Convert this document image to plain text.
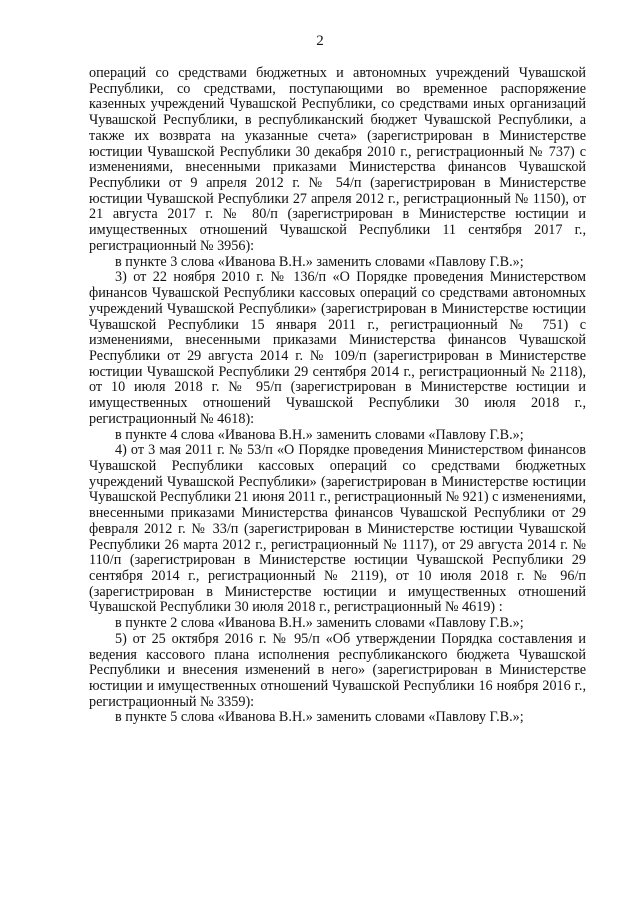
2

операций со средствами бюджетных и автономных учреждений Чувашской Республики, со средствами, поступающими во временное распоряжение казенных учреждений Чувашской Республики, со средствами иных организаций Чувашской Республики, в республиканский бюджет Чувашской Республики, а также их возврата на указанные счета» (зарегистрирован в Министерстве юстиции Чувашской Республики 30 декабря 2010 г., регистрационный № 737) с изменениями, внесенными приказами Министерства финансов Чувашской Республики от 9 апреля 2012 г. № 54/п (зарегистрирован в Министерстве юстиции Чувашской Республики 27 апреля 2012 г., регистрационный № 1150), от 21 августа 2017 г. № 80/п (зарегистрирован в Министерстве юстиции и имущественных отношений Чувашской Республики 11 сентября 2017 г., регистрационный № 3956):

в пункте 3 слова «Иванова В.Н.» заменить словами «Павлову Г.В.»;

3) от 22 ноября 2010 г. № 136/п «О Порядке проведения Министерством финансов Чувашской Республики кассовых операций со средствами автономных учреждений Чувашской Республики» (зарегистрирован в Министерстве юстиции Чувашской Республики 15 января 2011 г., регистрационный № 751) с изменениями, внесенными приказами Министерства финансов Чувашской Республики от 29 августа 2014 г. № 109/п (зарегистрирован в Министерстве юстиции Чувашской Республики 29 сентября 2014 г., регистрационный № 2118), от 10 июля 2018 г. № 95/п (зарегистрирован в Министерстве юстиции и имущественных отношений Чувашской Республики 30 июля 2018 г., регистрационный № 4618):

в пункте 4 слова «Иванова В.Н.» заменить словами «Павлову Г.В.»;

4) от 3 мая 2011 г. № 53/п «О Порядке проведения Министерством финансов Чувашской Республики кассовых операций со средствами бюджетных учреждений Чувашской Республики» (зарегистрирован в Министерстве юстиции Чувашской Республики 21 июня 2011 г., регистрационный № 921) с изменениями, внесенными приказами Министерства финансов Чувашской Республики от 29 февраля 2012 г. № 33/п (зарегистрирован в Министерстве юстиции Чувашской Республики 26 марта 2012 г., регистрационный № 1117), от 29 августа 2014 г. № 110/п (зарегистрирован в Министерстве юстиции Чувашской Республики 29 сентября 2014 г., регистрационный № 2119), от 10 июля 2018 г. № 96/п (зарегистрирован в Министерстве юстиции и имущественных отношений Чувашской Республики 30 июля 2018 г., регистрационный № 4619) :

в пункте 2 слова «Иванова В.Н.» заменить словами «Павлову Г.В.»;

5) от 25 октября 2016 г. № 95/п «Об утверждении Порядка составления и ведения кассового плана исполнения республиканского бюджета Чувашской Республики и внесения изменений в него» (зарегистрирован в Министерстве юстиции и имущественных отношений Чувашской Республики 16 ноября 2016 г., регистрационный № 3359):

в пункте 5 слова «Иванова В.Н.» заменить словами «Павлову Г.В.»;
